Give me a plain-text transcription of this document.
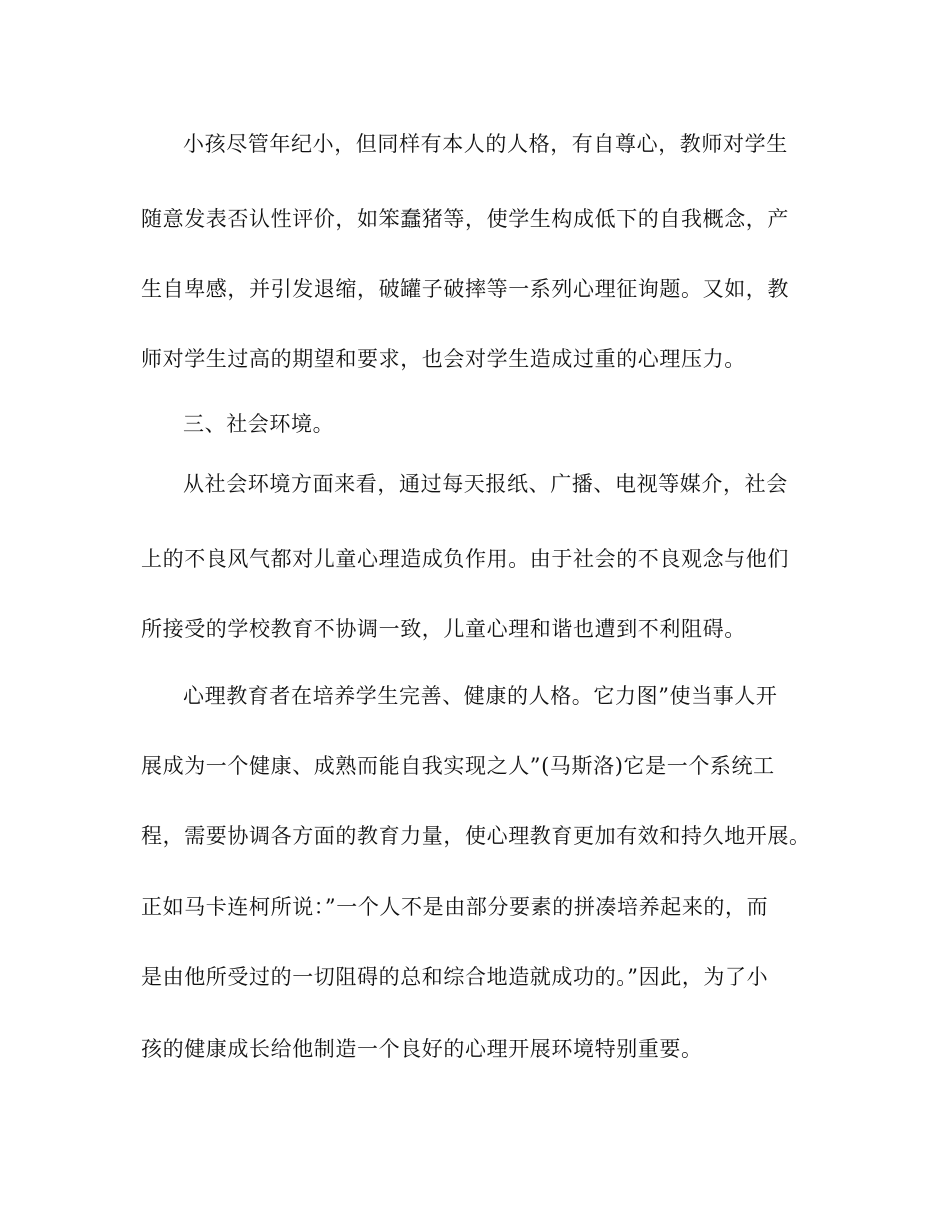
小孩尽管年纪小，但同样有本人的人格，有自尊心，教师对学生
随意发表否认性评价，如笨蠢猪等，使学生构成低下的自我概念，产
生自卑感，并引发退缩，破罐子破摔等一系列心理征询题。又如，教
师对学生过高的期望和要求，也会对学生造成过重的心理压力。
三、社会环境。
从社会环境方面来看，通过每天报纸、广播、电视等媒介，社会
上的不良风气都对儿童心理造成负作用。由于社会的不良观念与他们
所接受的学校教育不协调一致，儿童心理和谐也遭到不利阻碍。
心理教育者在培养学生完善、健康的人格。它力图”使当事人开
展成为一个健康、成熟而能自我实现之人”(马斯洛)它是一个系统工
程，需要协调各方面的教育力量，使心理教育更加有效和持久地开展。
正如马卡连柯所说：”一个人不是由部分要素的拼凑培养起来的，而
是由他所受过的一切阻碍的总和综合地造就成功的。”因此，为了小
孩的健康成长给他制造一个良好的心理开展环境特别重要。
